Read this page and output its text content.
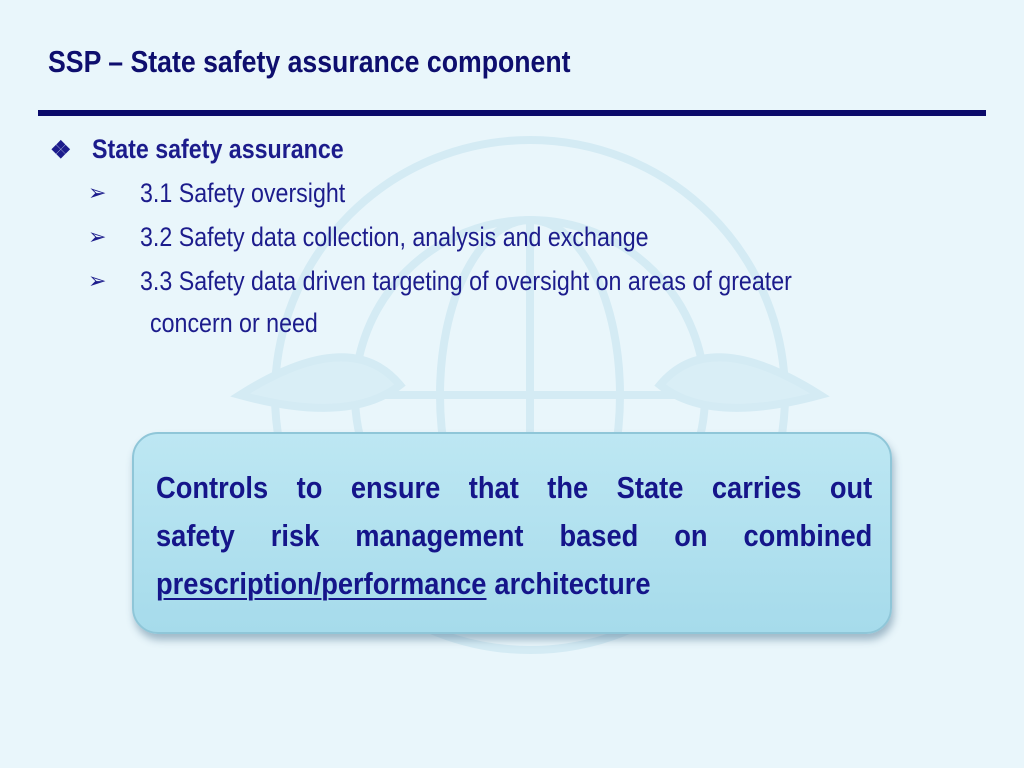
SSP – State safety assurance component
❖ State safety assurance
➢ 3.1 Safety oversight
➢ 3.2 Safety data collection, analysis and exchange
➢ 3.3 Safety data driven targeting of oversight on areas of greater
concern or need
Controls to ensure that the State carries out
safety risk management based on combined
prescription/performance architecture
